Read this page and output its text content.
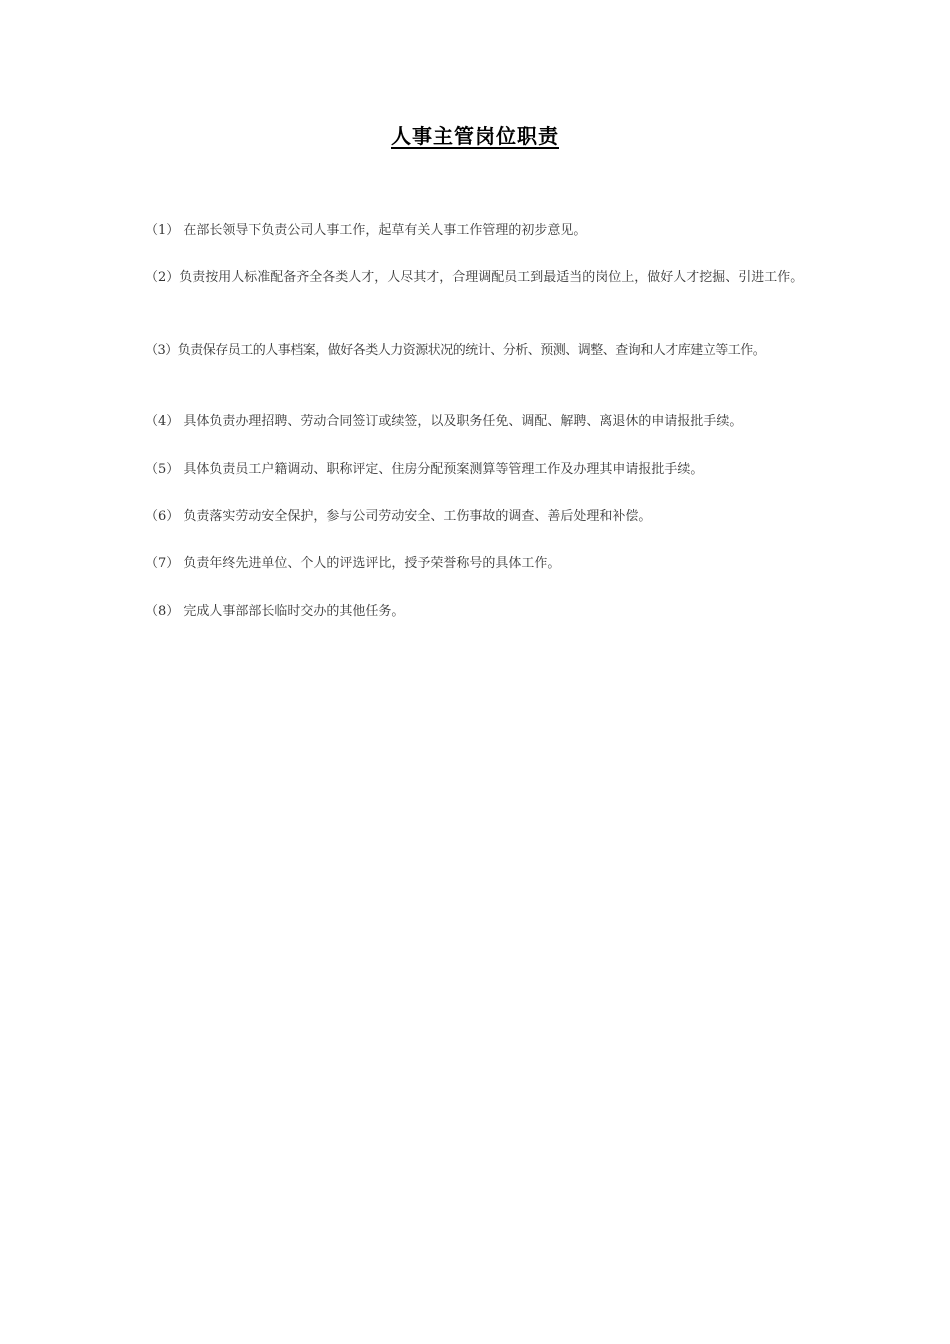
人事主管岗位职责
（1） 在部长领导下负责公司人事工作，起草有关人事工作管理的初步意见。
（2）负责按用人标准配备齐全各类人才，人尽其才，合理调配员工到最适当的岗位上，做好人才挖掘、引进工作。
（3）负责保存员工的人事档案，做好各类人力资源状况的统计、分析、预测、调整、查询和人才库建立等工作。
（4） 具体负责办理招聘、劳动合同签订或续签，以及职务任免、调配、解聘、离退休的申请报批手续。
（5） 具体负责员工户籍调动、职称评定、住房分配预案测算等管理工作及办理其申请报批手续。
（6） 负责落实劳动安全保护，参与公司劳动安全、工伤事故的调查、善后处理和补偿。
（7） 负责年终先进单位、个人的评选评比，授予荣誉称号的具体工作。
（8） 完成人事部部长临时交办的其他任务。
